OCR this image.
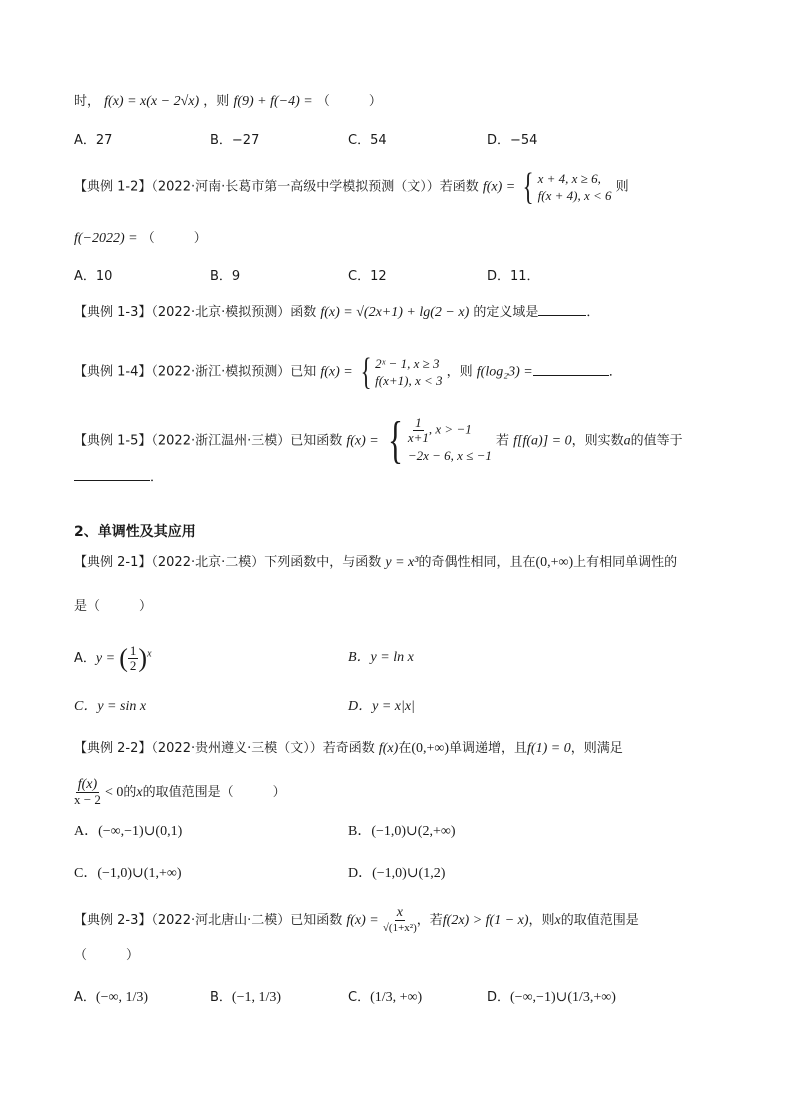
时， f(x) = x(x − 2√x) ，则 f(9) + f(−4) = （　　　）
A．27	B．−27	C．54	D．−54
【典例 1-2】（2022·河南·长葛市第一高级中学模拟预测（文））若函数 f(x) = { x + 4, x ≥ 6,
f(x + 4), x < 6
则
f(−2022) = （　　　）
A．10	B．9	C．12	D．11．
【典例 1-3】（2022·北京·模拟预测）函数 f(x) = √(2x+1) + lg(2 − x) 的定义域是	．
【典例 1-4】（2022·浙江·模拟预测）已知 f(x) = { 2ˣ − 1, x ≥ 3
f(x+1), x < 3
，则 f(log₂3) =	．
【典例 1-5】（2022·浙江温州·三模）已知函数 f(x) = { $\frac{1}{x+1}$ , x > −1
−2x − 6, x ≤ −1
若 f[f(a)] = 0，则实数a的值等于
．
2、单调性及其应用
【典例 2-1】（2022·北京·二模）下列函数中，与函数 y = x³的奇偶性相同，且在(0,+∞)上有相同单调性的
是（　　　）
A．y = ( $\frac{1}{2} )^x$	B．y = ln x
C．y = sin x	D．y = x|x|
【典例 2-2】（2022·贵州遵义·三模（文））若奇函数 f(x)在(0,+∞)单调递增，且f(1) = 0，则满足
$\frac{f(x)}{x - 2} < 0$的x的取值范围是（　　　）
A．(−∞,−1)∪(0,1)	B．(−1,0)∪(2,+∞)
C．(−1,0)∪(1,+∞)	D．(−1,0)∪(1,2)
【典例 2-3】（2022·河北唐山·二模）已知函数 $f(x) = \frac{x}{\text{√(1+x²)}}$ ，若f(2x) > f(1 − x)，则x的取值范围是
（　　　）
A．(−∞, 1/3)	B．(−1, 1/3)	C．(1/3, +∞)	D．(−∞,−1)∪(1/3,+∞)
